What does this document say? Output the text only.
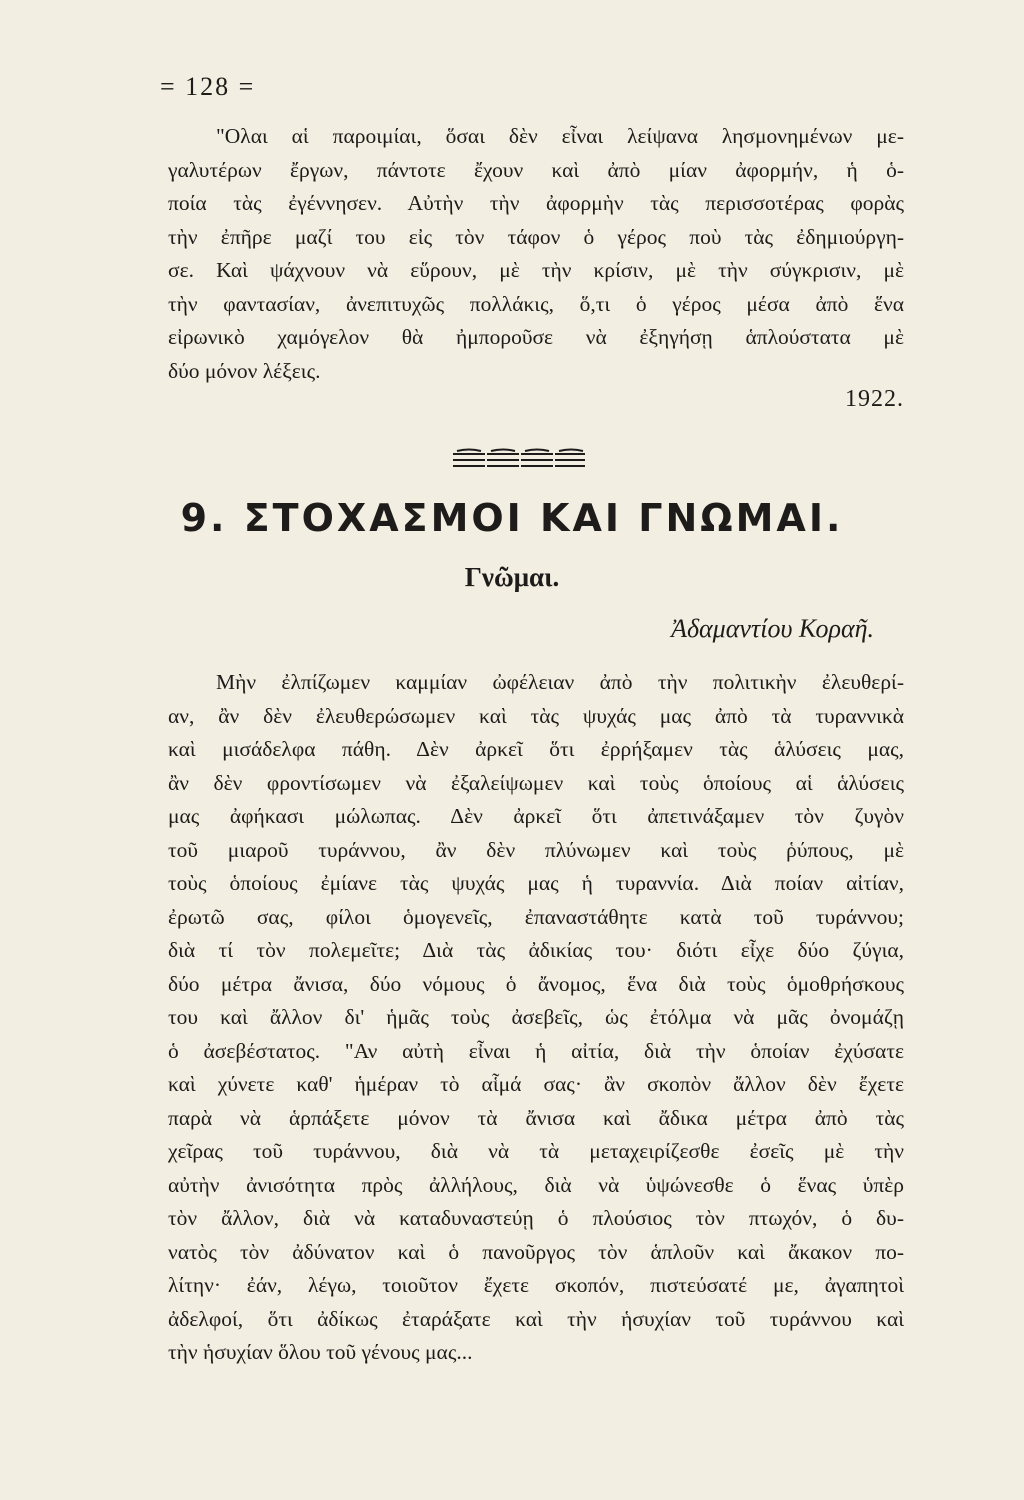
= 128 =
"Ολαι αἱ παροιμίαι, ὅσαι δὲν εἶναι λείψανα λησμονημένων με-
γαλυτέρων ἔργων, πάντοτε ἔχουν καὶ ἀπὸ μίαν ἀφορμήν, ἡ ὁ-
ποία τὰς ἐγέννησεν. Αὐτὴν τὴν ἀφορμὴν τὰς περισσοτέρας φορὰς
τὴν ἐπῆρε μαζί του εἰς τὸν τάφον ὁ γέρος ποὺ τὰς ἐδημιούργη-
σε. Καὶ ψάχνουν νὰ εὕρουν, μὲ τὴν κρίσιν, μὲ τὴν σύγκρισιν, μὲ
τὴν φαντασίαν, ἀνεπιτυχῶς πολλάκις, ὅ,τι ὁ γέρος μέσα ἀπὸ ἕνα
εἰρωνικὸ χαμόγελον θὰ ἠμποροῦσε νὰ ἐξηγήσῃ ἁπλούστατα μὲ
δύο μόνον λέξεις.
1922.
9. ΣΤΟΧΑΣΜΟΙ ΚΑΙ ΓΝΩΜΑΙ.
Γνῶμαι.
Ἀδαμαντίου Κοραῆ.
Μὴν ἐλπίζωμεν καμμίαν ὠφέλειαν ἀπὸ τὴν πολιτικὴν ἐλευθερί-
αν, ἂν δὲν ἐλευθερώσωμεν καὶ τὰς ψυχάς μας ἀπὸ τὰ τυραννικὰ
καὶ μισάδελφα πάθη. Δὲν ἀρκεῖ ὅτι ἐρρήξαμεν τὰς ἁλύσεις μας,
ἂν δὲν φροντίσωμεν νὰ ἐξαλείψωμεν καὶ τοὺς ὁποίους αἱ ἁλύσεις
μας ἀφήκασι μώλωπας. Δὲν ἀρκεῖ ὅτι ἀπετινάξαμεν τὸν ζυγὸν
τοῦ μιαροῦ τυράννου, ἂν δὲν πλύνωμεν καὶ τοὺς ῥύπους, μὲ
τοὺς ὁποίους ἐμίανε τὰς ψυχάς μας ἡ τυραννία. Διὰ ποίαν αἰτίαν,
ἐρωτῶ σας, φίλοι ὁμογενεῖς, ἐπαναστάθητε κατὰ τοῦ τυράννου;
διὰ τί τὸν πολεμεῖτε; Διὰ τὰς ἀδικίας του· διότι εἶχε δύο ζύγια,
δύο μέτρα ἄνισα, δύο νόμους ὁ ἄνομος, ἕνα διὰ τοὺς ὁμοθρήσκους
του καὶ ἄλλον δι' ἡμᾶς τοὺς ἀσεβεῖς, ὡς ἐτόλμα νὰ μᾶς ὀνομάζῃ
ὁ ἀσεβέστατος. "Αν αὐτὴ εἶναι ἡ αἰτία, διὰ τὴν ὁποίαν ἐχύσατε
καὶ χύνετε καθ' ἡμέραν τὸ αἷμά σας· ἂν σκοπὸν ἄλλον δὲν ἔχετε
παρὰ νὰ ἁρπάξετε μόνον τὰ ἄνισα καὶ ἄδικα μέτρα ἀπὸ τὰς
χεῖρας τοῦ τυράννου, διὰ νὰ τὰ μεταχειρίζεσθε ἐσεῖς μὲ τὴν
αὐτὴν ἀνισότητα πρὸς ἀλλήλους, διὰ νὰ ὑψώνεσθε ὁ ἕνας ὑπὲρ
τὸν ἄλλον, διὰ νὰ καταδυναστεύῃ ὁ πλούσιος τὸν πτωχόν, ὁ δυ-
νατὸς τὸν ἀδύνατον καὶ ὁ πανοῦργος τὸν ἁπλοῦν καὶ ἄκακον πο-
λίτην· ἐάν, λέγω, τοιοῦτον ἔχετε σκοπόν, πιστεύσατέ με, ἀγαπητοὶ
ἀδελφοί, ὅτι ἀδίκως ἐταράξατε καὶ τὴν ἡσυχίαν τοῦ τυράννου καὶ
τὴν ἡσυχίαν ὅλου τοῦ γένους μας...
